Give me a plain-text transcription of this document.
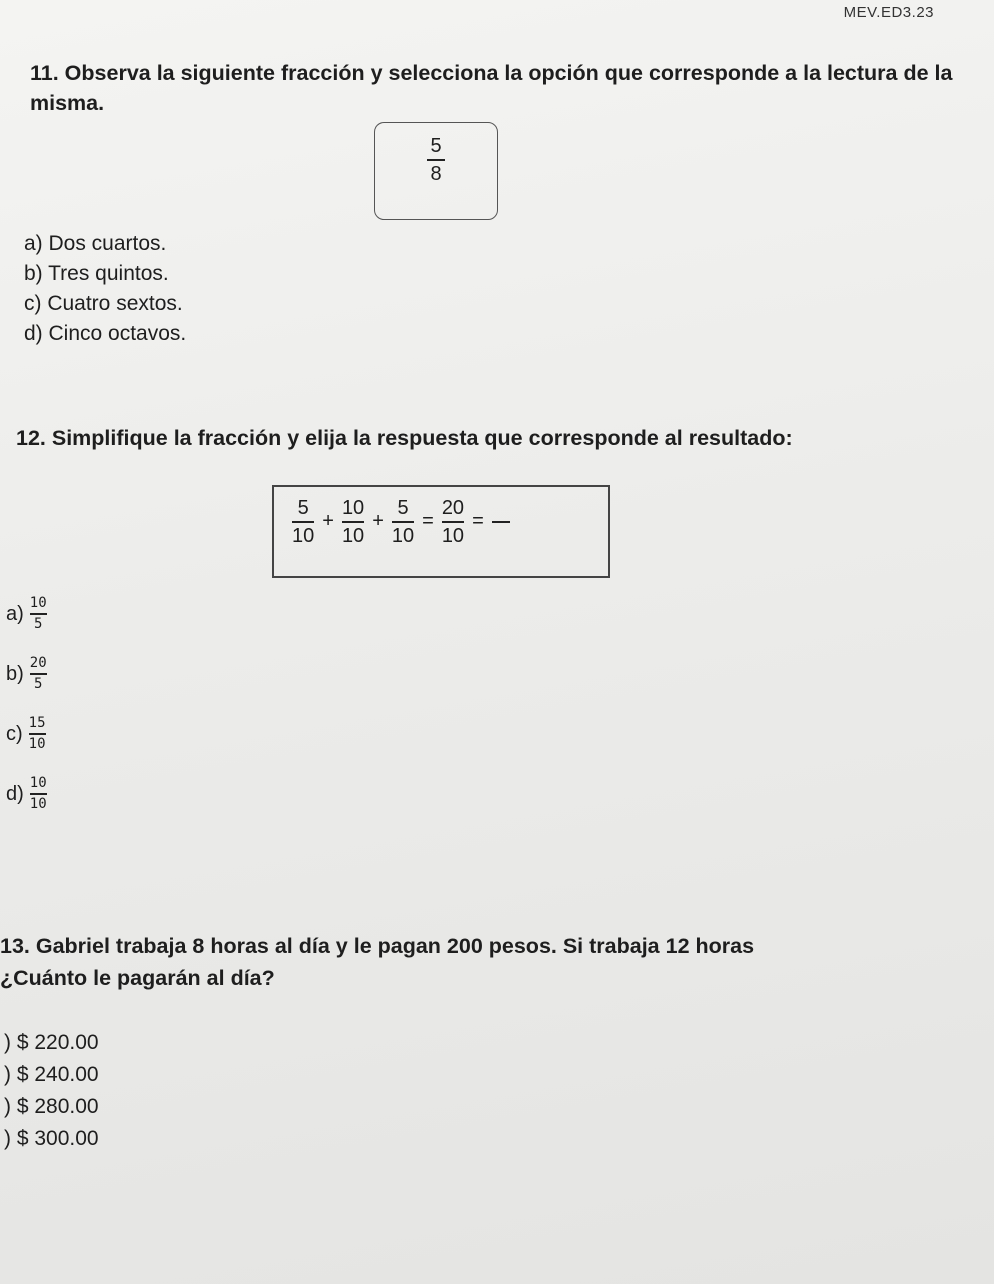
MEV.ED3.23
11. Observa la siguiente fracción y selecciona la opción que corresponde a la lectura de la misma.
$\frac{5}{8}$
a) Dos cuartos.
b) Tres quintos.
c) Cuatro sextos.
d) Cinco octavos.
12. Simplifique la fracción y elija la respuesta que corresponde al resultado:
$\frac{5}{10} + \frac{10}{10} + \frac{5}{10} = \frac{20}{10}$ =
$a) \frac{10}{5}$
$b) \frac{20}{5}$
$c) \frac{15}{10}$
$d) \frac{10}{10}$
13. Gabriel trabaja 8 horas al día y le pagan 200 pesos. Si trabaja 12 horas
¿Cuánto le pagarán al día?
) $ 220.00
) $ 240.00
) $ 280.00
) $ 300.00
